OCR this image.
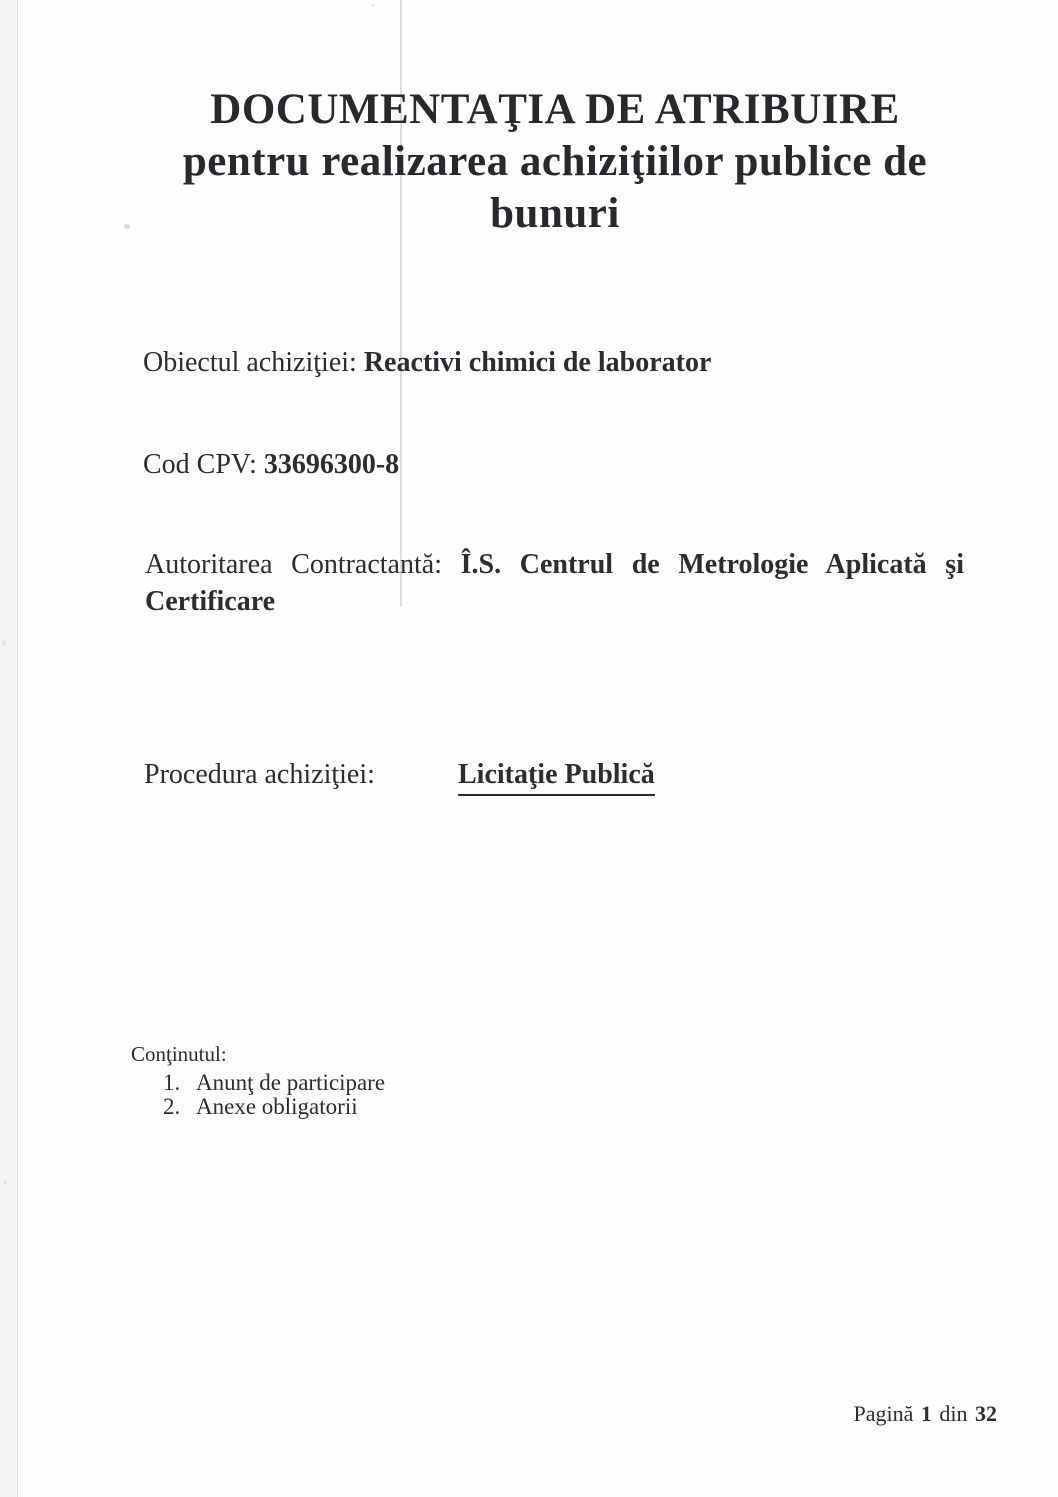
DOCUMENTAŢIA DE ATRIBUIRE
pentru realizarea achiziţiilor publice de
bunuri

Obiectul achiziţiei: Reactivi chimici de laborator

Cod CPV: 33696300-8

Autoritarea Contractantă: Î.S. Centrul de Metrologie Aplicată şi Certificare

Procedura achiziţiei:	Licitaţie Publică

Conţinutul:

1. Anunţ de participare
2. Anexe obligatorii
Pagină 1 din 32
